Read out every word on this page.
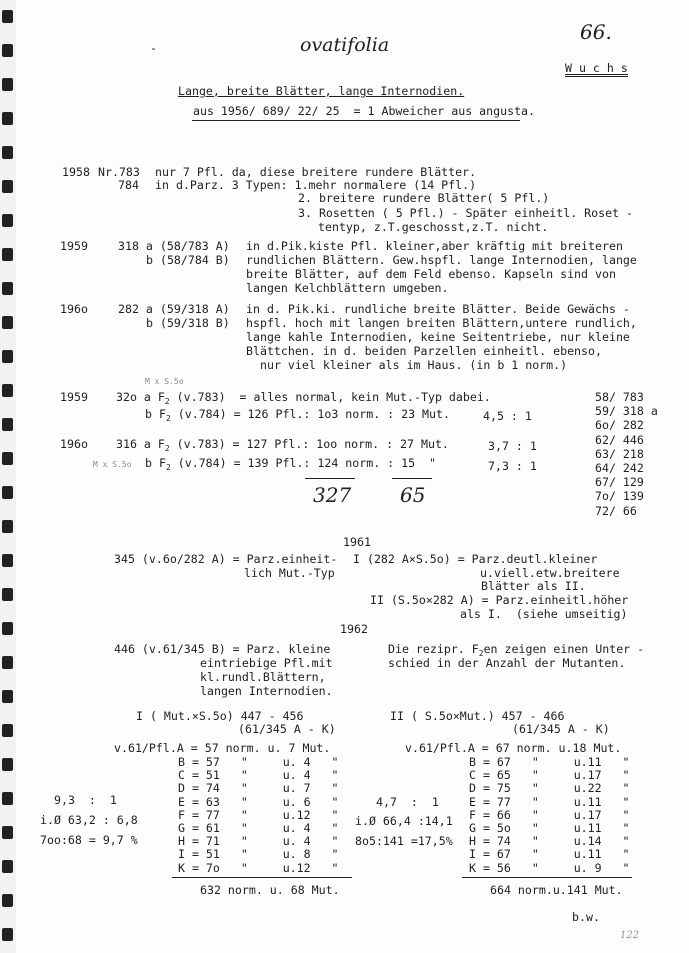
66.
ovatifolia
-
W u c h s
Lange, breite Blätter, lange Internodien.
aus 1956/ 689/ 22/ 25  = 1 Abweicher aus angusta.
1958 Nr.783
784
nur 7 Pfl. da, diese breitere rundere Blätter.
in d.Parz. 3 Typen: 1.mehr normalere (14 Pfl.)
2. breitere rundere Blätter( 5 Pfl.)
3. Rosetten ( 5 Pfl.) - Später einheitl. Roset -
tentyp, z.T.geschosst,z.T. nicht.
1959	318 a (58/783 A)
b (58/784 B)
in d.Pik.kiste Pfl. kleiner,aber kräftig mit breiteren
rundlichen Blättern. Gew.hspfl. lange Internodien, lange
breite Blätter, auf dem Feld ebenso. Kapseln sind von
langen Kelchblättern umgeben.
196o	282 a (59/318 A)
b (59/318 B)
in d. Pik.ki. rundliche breite Blätter. Beide Gewächs -
hspfl. hoch mit langen breiten Blättern,untere rundlich,
lange kahle Internodien, keine Seitentriebe, nur kleine
Blättchen. in d. beiden Parzellen einheitl. ebenso,
nur viel kleiner als im Haus. (in b 1 norm.)
M x S.5o
1959 32o a $F_2$ (v.783)  = alles normal, kein Mut.-Typ dabei.
b $F_2$ (v.784) = 126 Pfl.: 1o3 norm. : 23 Mut.	4,5 : 1
196o 316 a $F_2$ (v.783) = 127 Pfl.: 1oo norm. : 27 Mut.	3,7 : 1
M x S.5o b $F_2$ (v.784) = 139 Pfl.: 124 norm. : 15  "	7,3 : 1
327 65
58/ 783
59/ 318 a
6o/ 282
62/ 446
63/ 218
64/ 242
67/ 129
7o/ 139
72/ 66
1961
345 (v.6o/282 A) = Parz.einheit-
lich Mut.-Typ
I (282 A×S.5o) = Parz.deutl.kleiner
u.viell.etw.breitere
Blätter als II.
II (S.5o×282 A) = Parz.einheitl.höher
als I.  (siehe umseitig)
1962
446 (v.61/345 B) = Parz. kleine
eintriebige Pfl.mit
kl.rundl.Blättern,
langen Internodien.
Die rezipr. $F_2en$ zeigen einen Unter -
schied in der Anzahl der Mutanten.
I ( Mut.×S.5o) 447 - 456
(61/345 A - K)
v.61/Pfl.A = 57 norm. u. 7 Mut.
B = 57   "     u. 4   "
C = 51   "     u. 4   "
D = 74   "     u. 7   "
E = 63   "     u. 6   "
F = 77   "     u.12   "
G = 61   "     u. 4   "
H = 71   "     u. 4   "
I = 51   "     u. 8   "
K = 7o   "     u.12   "
632 norm. u. 68 Mut.
9,3  :  1
i.Ø 63,2 : 6,8
7oo:68 = 9,7 %
II ( S.5o×Mut.) 457 - 466
(61/345 A - K)
v.61/Pfl.A = 67 norm. u.18 Mut.
B = 67   "     u.11   "
C = 65   "     u.17   "
D = 75   "     u.22   "
E = 77   "     u.11   "
F = 66   "     u.17   "
G = 5o   "     u.11   "
H = 74   "     u.14   "
I = 67   "     u.11   "
K = 56   "     u. 9   "
664 norm.u.141 Mut.
4,7  :  1
i.Ø 66,4 :14,1
8o5:141 =17,5%
b.w.
122
